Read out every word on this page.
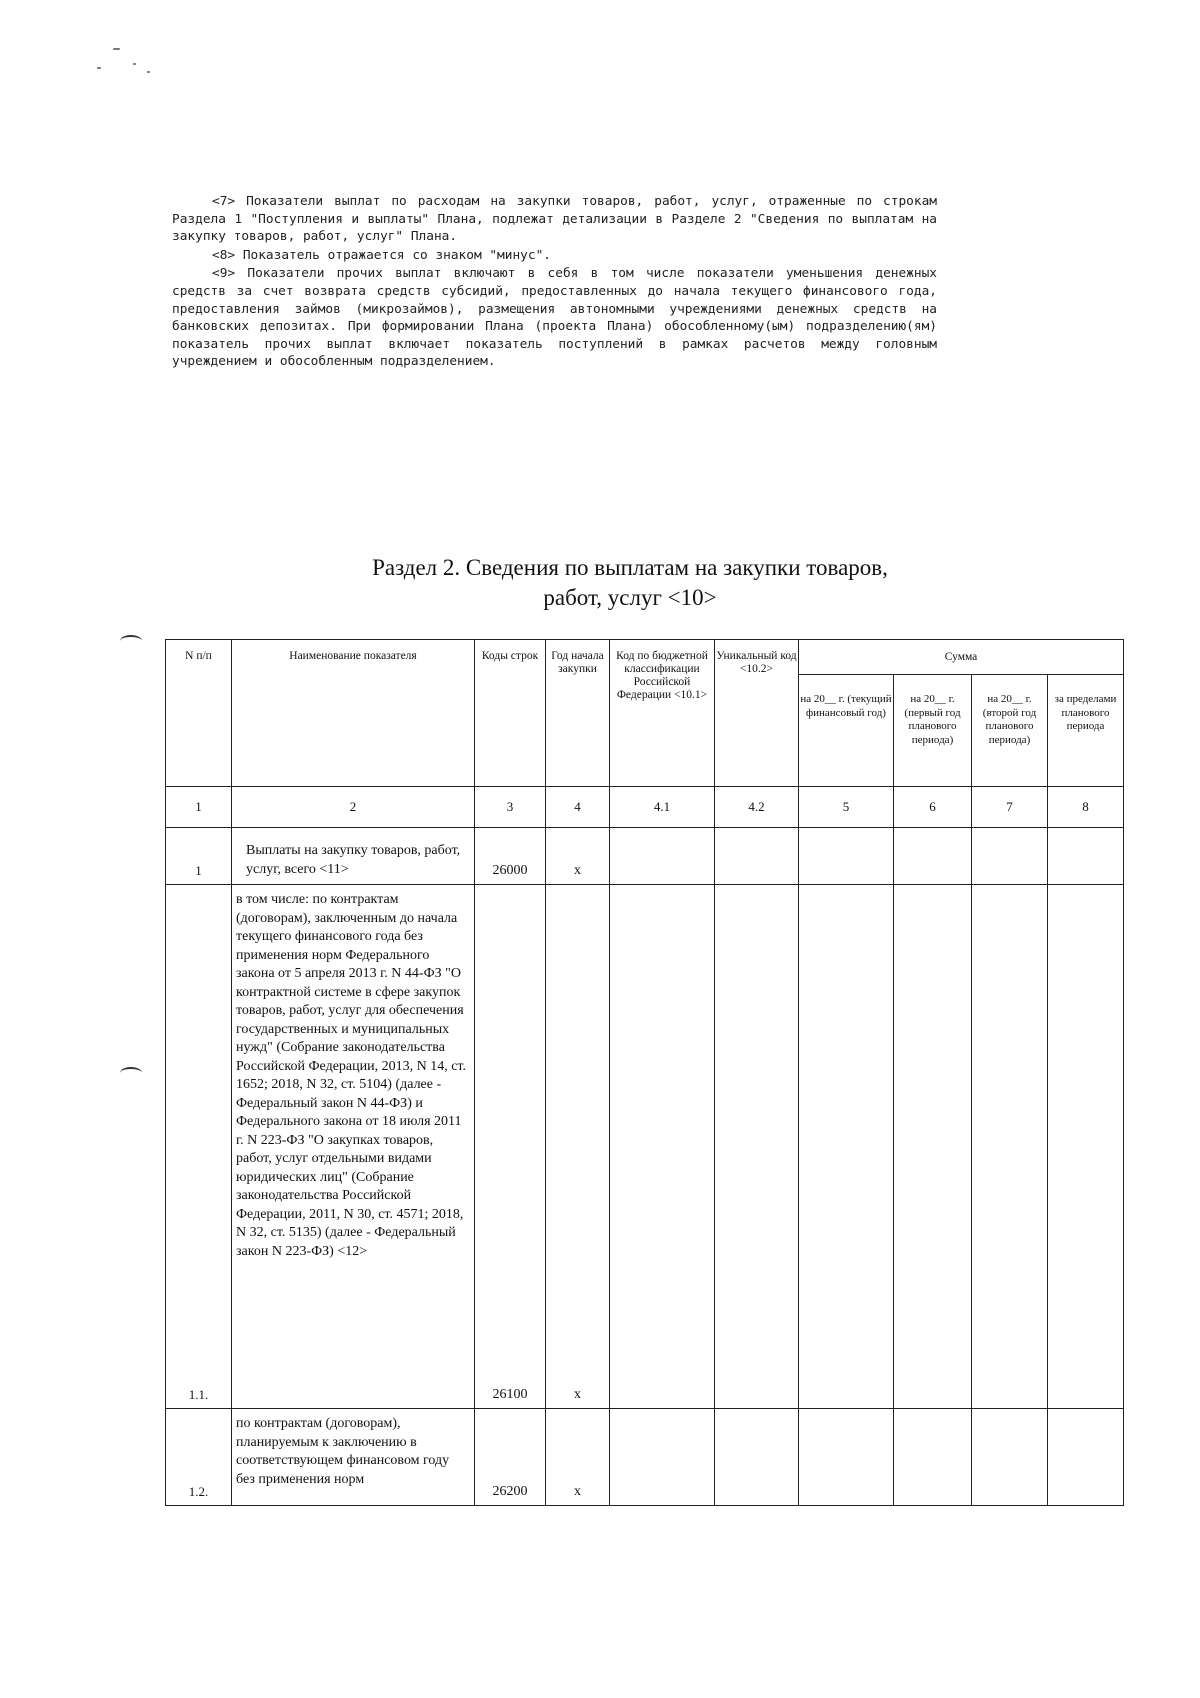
<7> Показатели выплат по расходам на закупки товаров, работ, услуг, отраженные по строкам Раздела 1 "Поступления и выплаты" Плана, подлежат детализации в Разделе 2 "Сведения по выплатам на закупку товаров, работ, услуг" Плана.

<8> Показатель отражается со знаком "минус".

<9> Показатели прочих выплат включают в себя в том числе показатели уменьшения денежных средств за счет возврата средств субсидий, предоставленных до начала текущего финансового года, предоставления займов (микрозаймов), размещения автономными учреждениями денежных средств на банковских депозитах. При формировании Плана (проекта Плана) обособленному(ым) подразделению(ям) показатель прочих выплат включает показатель поступлений в рамках расчетов между головным учреждением и обособленным подразделением.

Раздел 2. Сведения по выплатам на закупки товаров,
работ, услуг <10>
N п/п	Наименование показателя	Коды строк	Год начала закупки	Код по бюджетной классификации Российской Федерации <10.1>	Уникальный код <10.2>	Сумма			
						на 20__ г. (текущий финансовый год)	на 20__ г. (первый год планового периода)	на 20__ г. (второй год планового периода)	за пределами планового периода
1	2	3	4	4.1	4.2	5	6	7	8
1	Выплаты на закупку товаров, работ, услуг, всего <11>	26000	x						
1.1.	в том числе: по контрактам (договорам), заключенным до начала текущего финансового года без применения норм Федерального закона от 5 апреля 2013 г. N 44-ФЗ "О контрактной системе в сфере закупок товаров, работ, услуг для обеспечения государственных и муниципальных нужд" (Собрание законодательства Российской Федерации, 2013, N 14, ст. 1652; 2018, N 32, ст. 5104) (далее - Федеральный закон N 44-ФЗ) и Федерального закона от 18 июля 2011 г. N 223-ФЗ "О закупках товаров, работ, услуг отдельными видами юридических лиц" (Собрание законодательства Российской Федерации, 2011, N 30, ст. 4571; 2018, N 32, ст. 5135) (далее - Федеральный закон N 223-ФЗ) <12>	26100	x						
1.2.	по контрактам (договорам), планируемым к заключению в соответствующем финансовом году без применения норм	26200	x						
